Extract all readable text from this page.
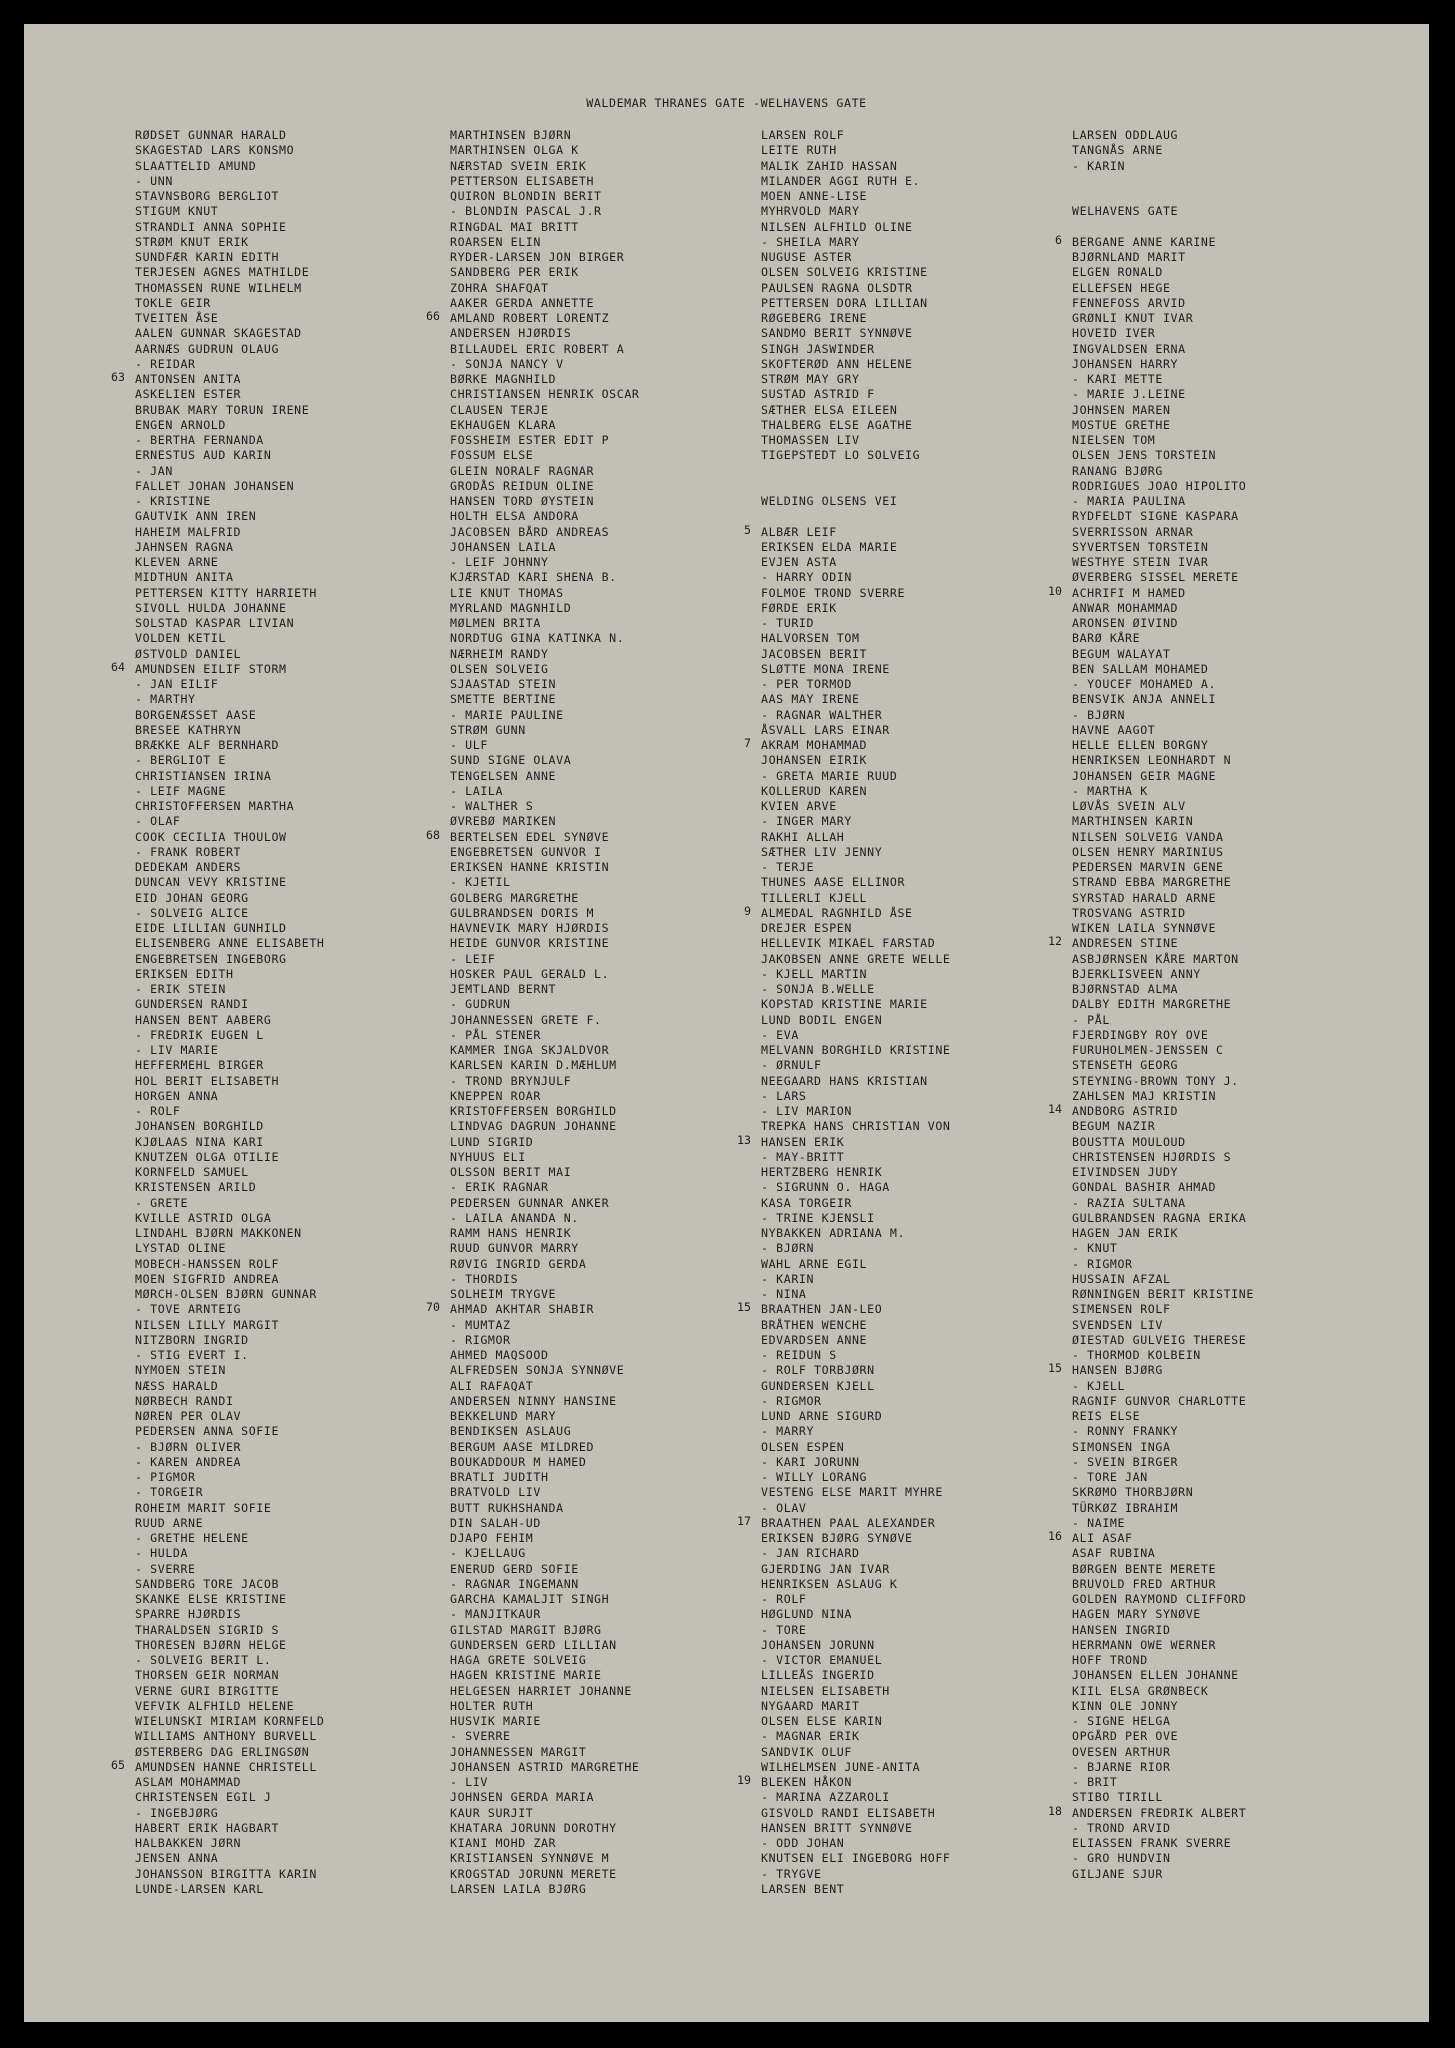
WALDEMAR THRANES GATE -WELHAVENS GATE
RØDSET GUNNAR HARALD
SKAGESTAD LARS KONSMO
SLAATTELID AMUND
- UNN
STAVNSBORG BERGLIOT
STIGUM KNUT
STRANDLI ANNA SOPHIE
STRØM KNUT ERIK
SUNDFÆR KARIN EDITH
TERJESEN AGNES MATHILDE
THOMASSEN RUNE WILHELM
TOKLE GEIR
TVEITEN ÅSE
AALEN GUNNAR SKAGESTAD
AARNÆS GUDRUN OLAUG
- REIDAR
63 ANTONSEN ANITA
ASKELIEN ESTER
BRUBAK MARY TORUN IRENE
ENGEN ARNOLD
- BERTHA FERNANDA
ERNESTUS AUD KARIN
- JAN
FALLET JOHAN JOHANSEN
- KRISTINE
GAUTVIK ANN IREN
HAHEIM MALFRID
JAHNSEN RAGNA
KLEVEN ARNE
MIDTHUN ANITA
PETTERSEN KITTY HARRIETH
SIVOLL HULDA JOHANNE
SOLSTAD KASPAR LIVIAN
VOLDEN KETIL
ØSTVOLD DANIEL
64 AMUNDSEN EILIF STORM
- JAN EILIF
- MARTHY
BORGENÆSSET AASE
BRESEE KATHRYN
BRÆKKE ALF BERNHARD
- BERGLIOT E
CHRISTIANSEN IRINA
- LEIF MAGNE
CHRISTOFFERSEN MARTHA
- OLAF
COOK CECILIA THOULOW
- FRANK ROBERT
DEDEKAM ANDERS
DUNCAN VEVY KRISTINE
EID JOHAN GEORG
- SOLVEIG ALICE
EIDE LILLIAN GUNHILD
ELISENBERG ANNE ELISABETH
ENGEBRETSEN INGEBORG
ERIKSEN EDITH
- ERIK STEIN
GUNDERSEN RANDI
HANSEN BENT AABERG
- FREDRIK EUGEN L
- LIV MARIE
HEFFERMEHL BIRGER
HOL BERIT ELISABETH
HORGEN ANNA
- ROLF
JOHANSEN BORGHILD
KJØLAAS NINA KARI
KNUTZEN OLGA OTILIE
KORNFELD SAMUEL
KRISTENSEN ARILD
- GRETE
KVILLE ASTRID OLGA
LINDAHL BJØRN MAKKONEN
LYSTAD OLINE
MOBECH-HANSSEN ROLF
MOEN SIGFRID ANDREA
MØRCH-OLSEN BJØRN GUNNAR
- TOVE ARNTEIG
NILSEN LILLY MARGIT
NITZBORN INGRID
- STIG EVERT I.
NYMOEN STEIN
NÆSS HARALD
NØRBECH RANDI
NØREN PER OLAV
PEDERSEN ANNA SOFIE
- BJØRN OLIVER
- KAREN ANDREA
- PIGMOR
- TORGEIR
ROHEIM MARIT SOFIE
RUUD ARNE
- GRETHE HELENE
- HULDA
- SVERRE
SANDBERG TORE JACOB
SKANKE ELSE KRISTINE
SPARRE HJØRDIS
THARALDSEN SIGRID S
THORESEN BJØRN HELGE
- SOLVEIG BERIT L.
THORSEN GEIR NORMAN
VERNE GURI BIRGITTE
VEFVIK ALFHILD HELENE
WIELUNSKI MIRIAM KORNFELD
WILLIAMS ANTHONY BURVELL
ØSTERBERG DAG ERLINGSØN
65 AMUNDSEN HANNE CHRISTELL
ASLAM MOHAMMAD
CHRISTENSEN EGIL J
- INGEBJØRG
HABERT ERIK HAGBART
HALBAKKEN JØRN
JENSEN ANNA
JOHANSSON BIRGITTA KARIN
LUNDE-LARSEN KARL
MARTHINSEN BJØRN
MARTHINSEN OLGA K
NÆRSTAD SVEIN ERIK
PETTERSON ELISABETH
QUIRON BLONDIN BERIT
- BLONDIN PASCAL J.R
RINGDAL MAI BRITT
ROARSEN ELIN
RYDER-LARSEN JON BIRGER
SANDBERG PER ERIK
ZOHRA SHAFQAT
AAKER GERDA ANNETTE
66 AMLAND ROBERT LORENTZ
ANDERSEN HJØRDIS
BILLAUDEL ERIC ROBERT A
- SONJA NANCY V
BØRKE MAGNHILD
CHRISTIANSEN HENRIK OSCAR
CLAUSEN TERJE
EKHAUGEN KLARA
FOSSHEIM ESTER EDIT P
FOSSUM ELSE
GLEIN NORALF RAGNAR
GRODÅS REIDUN OLINE
HANSEN TORD ØYSTEIN
HOLTH ELSA ANDORA
JACOBSEN BÅRD ANDREAS
JOHANSEN LAILA
- LEIF JOHNNY
KJÆRSTAD KARI SHENA B.
LIE KNUT THOMAS
MYRLAND MAGNHILD
MØLMEN BRITA
NORDTUG GINA KATINKA N.
NÆRHEIM RANDY
OLSEN SOLVEIG
SJAASTAD STEIN
SMETTE BERTINE
- MARIE PAULINE
STRØM GUNN
- ULF
SUND SIGNE OLAVA
TENGELSEN ANNE
- LAILA
- WALTHER S
ØVREBØ MARIKEN
68 BERTELSEN EDEL SYNØVE
ENGEBRETSEN GUNVOR I
ERIKSEN HANNE KRISTIN
- KJETIL
GOLBERG MARGRETHE
GULBRANDSEN DORIS M
HAVNEVIK MARY HJØRDIS
HEIDE GUNVOR KRISTINE
- LEIF
HOSKER PAUL GERALD L.
JEMTLAND BERNT
- GUDRUN
JOHANNESSEN GRETE F.
- PÅL STENER
KAMMER INGA SKJALDVOR
KARLSEN KARIN D.MÆHLUM
- TROND BRYNJULF
KNEPPEN ROAR
KRISTOFFERSEN BORGHILD
LINDVAG DAGRUN JOHANNE
LUND SIGRID
NYHUUS ELI
OLSSON BERIT MAI
- ERIK RAGNAR
PEDERSEN GUNNAR ANKER
- LAILA ANANDA N.
RAMM HANS HENRIK
RUUD GUNVOR MARRY
RØVIG INGRID GERDA
- THORDIS
SOLHEIM TRYGVE
70 AHMAD AKHTAR SHABIR
- MUMTAZ
- RIGMOR
AHMED MAQSOOD
ALFREDSEN SONJA SYNNØVE
ALI RAFAQAT
ANDERSEN NINNY HANSINE
BEKKELUND MARY
BENDIKSEN ASLAUG
BERGUM AASE MILDRED
BOUKADDOUR M HAMED
BRATLI JUDITH
BRATVOLD LIV
BUTT RUKHSHANDA
DIN SALAH-UD
DJAPO FEHIM
- KJELLAUG
ENERUD GERD SOFIE
- RAGNAR INGEMANN
GARCHA KAMALJIT SINGH
- MANJITKAUR
GILSTAD MARGIT BJØRG
GUNDERSEN GERD LILLIAN
HAGA GRETE SOLVEIG
HAGEN KRISTINE MARIE
HELGESEN HARRIET JOHANNE
HOLTER RUTH
HUSVIK MARIE
- SVERRE
JOHANNESSEN MARGIT
JOHANSEN ASTRID MARGRETHE
- LIV
JOHNSEN GERDA MARIA
KAUR SURJIT
KHATARA JORUNN DOROTHY
KIANI MOHD ZAR
KRISTIANSEN SYNNØVE M
KROGSTAD JORUNN MERETE
LARSEN LAILA BJØRG
LARSEN ROLF
LEITE RUTH
MALIK ZAHID HASSAN
MILANDER AGGI RUTH E.
MOEN ANNE-LISE
MYHRVOLD MARY
NILSEN ALFHILD OLINE
- SHEILA MARY
NUGUSE ASTER
OLSEN SOLVEIG KRISTINE
PAULSEN RAGNA OLSDTR
PETTERSEN DORA LILLIAN
RØGEBERG IRENE
SANDMO BERIT SYNNØVE
SINGH JASWINDER
SKOFTERØD ANN HELENE
STRØM MAY GRY
SUSTAD ASTRID F
SÆTHER ELSA EILEEN
THALBERG ELSE AGATHE
THOMASSEN LIV
TIGEPSTEDT LO SOLVEIG
WELDING OLSENS VEI
5 ALBÆR LEIF
ERIKSEN ELDA MARIE
EVJEN ASTA
- HARRY ODIN
FOLMOE TROND SVERRE
FØRDE ERIK
- TURID
HALVORSEN TOM
JACOBSEN BERIT
SLØTTE MONA IRENE
- PER TORMOD
AAS MAY IRENE
- RAGNAR WALTHER
ÅSVALL LARS EINAR
7 AKRAM MOHAMMAD
JOHANSEN EIRIK
- GRETA MARIE RUUD
KOLLERUD KAREN
KVIEN ARVE
- INGER MARY
RAKHI ALLAH
SÆTHER LIV JENNY
- TERJE
THUNES AASE ELLINOR
TILLERLI KJELL
9 ALMEDAL RAGNHILD ÅSE
DREJER ESPEN
HELLEVIK MIKAEL FARSTAD
JAKOBSEN ANNE GRETE WELLE
- KJELL MARTIN
- SONJA B.WELLE
KOPSTAD KRISTINE MARIE
LUND BODIL ENGEN
- EVA
MELVANN BORGHILD KRISTINE
- ØRNULF
NEEGAARD HANS KRISTIAN
- LARS
- LIV MARION
TREPKA HANS CHRISTIAN VON
13 HANSEN ERIK
- MAY-BRITT
HERTZBERG HENRIK
- SIGRUNN O. HAGA
KASA TORGEIR
- TRINE KJENSLI
NYBAKKEN ADRIANA M.
- BJØRN
WAHL ARNE EGIL
- KARIN
- NINA
15 BRAATHEN JAN-LEO
BRÅTHEN WENCHE
EDVARDSEN ANNE
- REIDUN S
- ROLF TORBJØRN
GUNDERSEN KJELL
- RIGMOR
LUND ARNE SIGURD
- MARRY
OLSEN ESPEN
- KARI JORUNN
- WILLY LORANG
VESTENG ELSE MARIT MYHRE
- OLAV
17 BRAATHEN PAAL ALEXANDER
ERIKSEN BJØRG SYNØVE
- JAN RICHARD
GJERDING JAN IVAR
HENRIKSEN ASLAUG K
- ROLF
HØGLUND NINA
- TORE
JOHANSEN JORUNN
- VICTOR EMANUEL
LILLEÅS INGERID
NIELSEN ELISABETH
NYGAARD MARIT
OLSEN ELSE KARIN
- MAGNAR ERIK
SANDVIK OLUF
WILHELMSEN JUNE-ANITA
19 BLEKEN HÅKON
- MARINA AZZAROLI
GISVOLD RANDI ELISABETH
HANSEN BRITT SYNNØVE
- ODD JOHAN
KNUTSEN ELI INGEBORG HOFF
- TRYGVE
LARSEN BENT
LARSEN ODDLAUG
TANGNÅS ARNE
- KARIN
WELHAVENS GATE
6 BERGANE ANNE KARINE
BJØRNLAND MARIT
ELGEN RONALD
ELLEFSEN HEGE
FENNEFOSS ARVID
GRØNLI KNUT IVAR
HOVEID IVER
INGVALDSEN ERNA
JOHANSEN HARRY
- KARI METTE
- MARIE J.LEINE
JOHNSEN MAREN
MOSTUE GRETHE
NIELSEN TOM
OLSEN JENS TORSTEIN
RANANG BJØRG
RODRIGUES JOAO HIPOLITO
- MARIA PAULINA
RYDFELDT SIGNE KASPARA
SVERRISSON ARNAR
SYVERTSEN TORSTEIN
WESTHYE STEIN IVAR
ØVERBERG SISSEL MERETE
10 ACHRIFI M HAMED
ANWAR MOHAMMAD
ARONSEN ØIVIND
BARØ KÅRE
BEGUM WALAYAT
BEN SALLAM MOHAMED
- YOUCEF MOHAMED A.
BENSVIK ANJA ANNELI
- BJØRN
HAVNE AAGOT
HELLE ELLEN BORGNY
HENRIKSEN LEONHARDT N
JOHANSEN GEIR MAGNE
- MARTHA K
LØVÅS SVEIN ALV
MARTHINSEN KARIN
NILSEN SOLVEIG VANDA
OLSEN HENRY MARINIUS
PEDERSEN MARVIN GENE
STRAND EBBA MARGRETHE
SYRSTAD HARALD ARNE
TROSVANG ASTRID
WIKEN LAILA SYNNØVE
12 ANDRESEN STINE
ASBJØRNSEN KÅRE MARTON
BJERKLISVEEN ANNY
BJØRNSTAD ALMA
DALBY EDITH MARGRETHE
- PÅL
FJERDINGBY ROY OVE
FURUHOLMEN-JENSSEN C
STENSETH GEORG
STEYNING-BROWN TONY J.
ZAHLSEN MAJ KRISTIN
14 ANDBORG ASTRID
BEGUM NAZIR
BOUSTTA MOULOUD
CHRISTENSEN HJØRDIS S
EIVINDSEN JUDY
GONDAL BASHIR AHMAD
- RAZIA SULTANA
GULBRANDSEN RAGNA ERIKA
HAGEN JAN ERIK
- KNUT
- RIGMOR
HUSSAIN AFZAL
RØNNINGEN BERIT KRISTINE
SIMENSEN ROLF
SVENDSEN LIV
ØIESTAD GULVEIG THERESE
- THORMOD KOLBEIN
15 HANSEN BJØRG
- KJELL
RAGNIF GUNVOR CHARLOTTE
REIS ELSE
- RONNY FRANKY
SIMONSEN INGA
- SVEIN BIRGER
- TORE JAN
SKRØMO THORBJØRN
TÜRKØZ IBRAHIM
- NAIME
16 ALI ASAF
ASAF RUBINA
BØRGEN BENTE MERETE
BRUVOLD FRED ARTHUR
GOLDEN RAYMOND CLIFFORD
HAGEN MARY SYNØVE
HANSEN INGRID
HERRMANN OWE WERNER
HOFF TROND
JOHANSEN ELLEN JOHANNE
KIIL ELSA GRØNBECK
KINN OLE JONNY
- SIGNE HELGA
OPGÅRD PER OVE
OVESEN ARTHUR
- BJARNE RIOR
- BRIT
STIBO TIRILL
18 ANDERSEN FREDRIK ALBERT
- TROND ARVID
ELIASSEN FRANK SVERRE
- GRO HUNDVIN
GILJANE SJUR
